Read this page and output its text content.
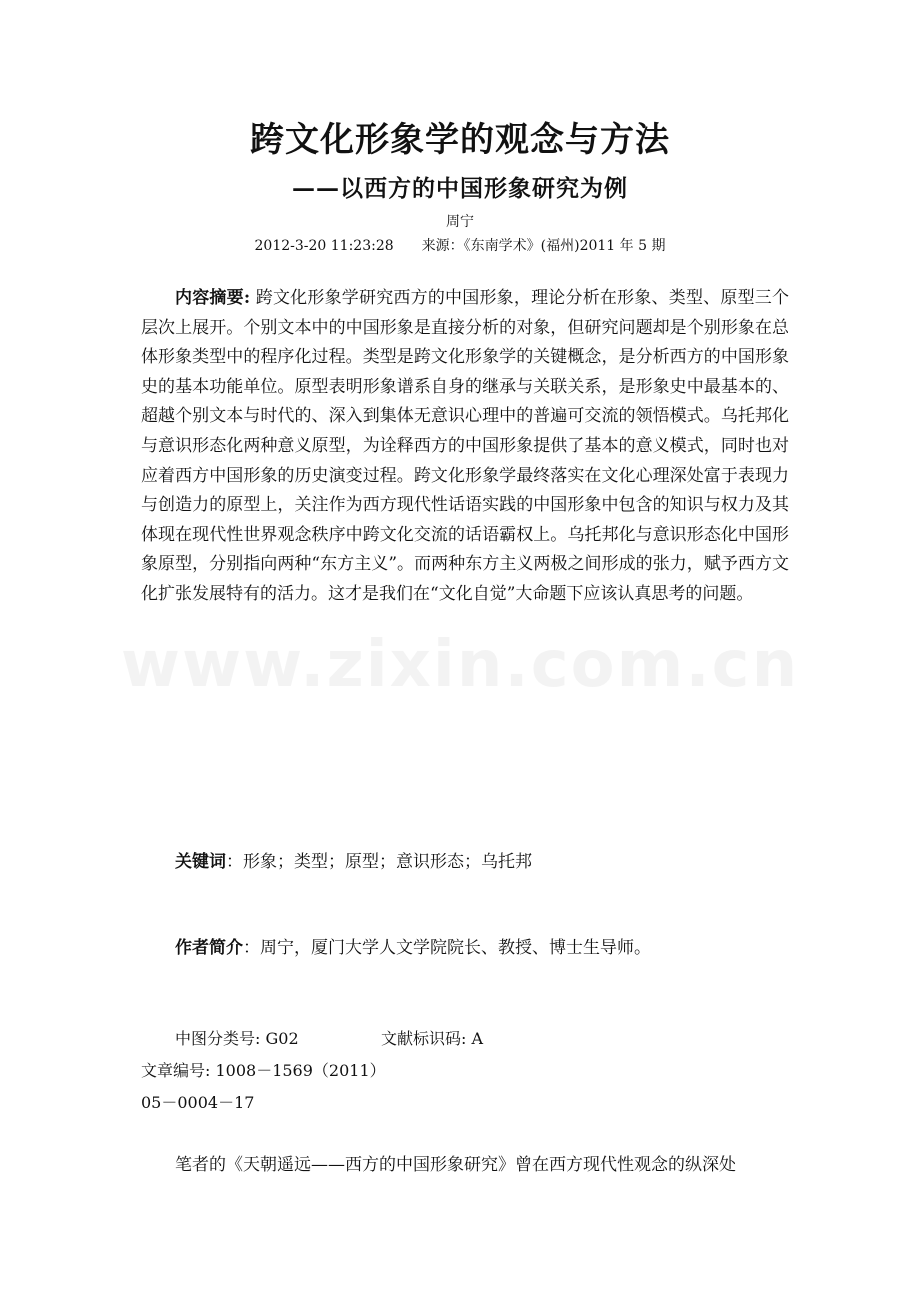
www.zixin.com.cn
跨文化形象学的观念与方法
——以西方的中国形象研究为例
周宁
2012-3-20 11:23:28 来源：《东南学术》(福州)2011 年 5 期

内容摘要: 跨文化形象学研究西方的中国形象，理论分析在形象、类型、原型三个层次上展开。个别文本中的中国形象是直接分析的对象，但研究问题却是个别形象在总体形象类型中的程序化过程。类型是跨文化形象学的关键概念，是分析西方的中国形象史的基本功能单位。原型表明形象谱系自身的继承与关联关系，是形象史中最基本的、超越个别文本与时代的、深入到集体无意识心理中的普遍可交流的领悟模式。乌托邦化与意识形态化两种意义原型，为诠释西方的中国形象提供了基本的意义模式，同时也对应着西方中国形象的历史演变过程。跨文化形象学最终落实在文化心理深处富于表现力与创造力的原型上，关注作为西方现代性话语实践的中国形象中包含的知识与权力及其体现在现代性世界观念秩序中跨文化交流的话语霸权上。乌托邦化与意识形态化中国形象原型，分别指向两种“东方主义”。而两种东方主义两极之间形成的张力，赋予西方文化扩张发展特有的活力。这才是我们在“文化自觉”大命题下应该认真思考的问题。

关键词：形象；类型；原型；意识形态；乌托邦

作者简介：周宁，厦门大学人文学院院长、教授、博士生导师。

中图分类号: G02	文献标识码: A文章编号: 1008－1569（2011）
05－0004－17

笔者的《天朝遥远——西方的中国形象研究》曾在西方现代性观念的纵深处
